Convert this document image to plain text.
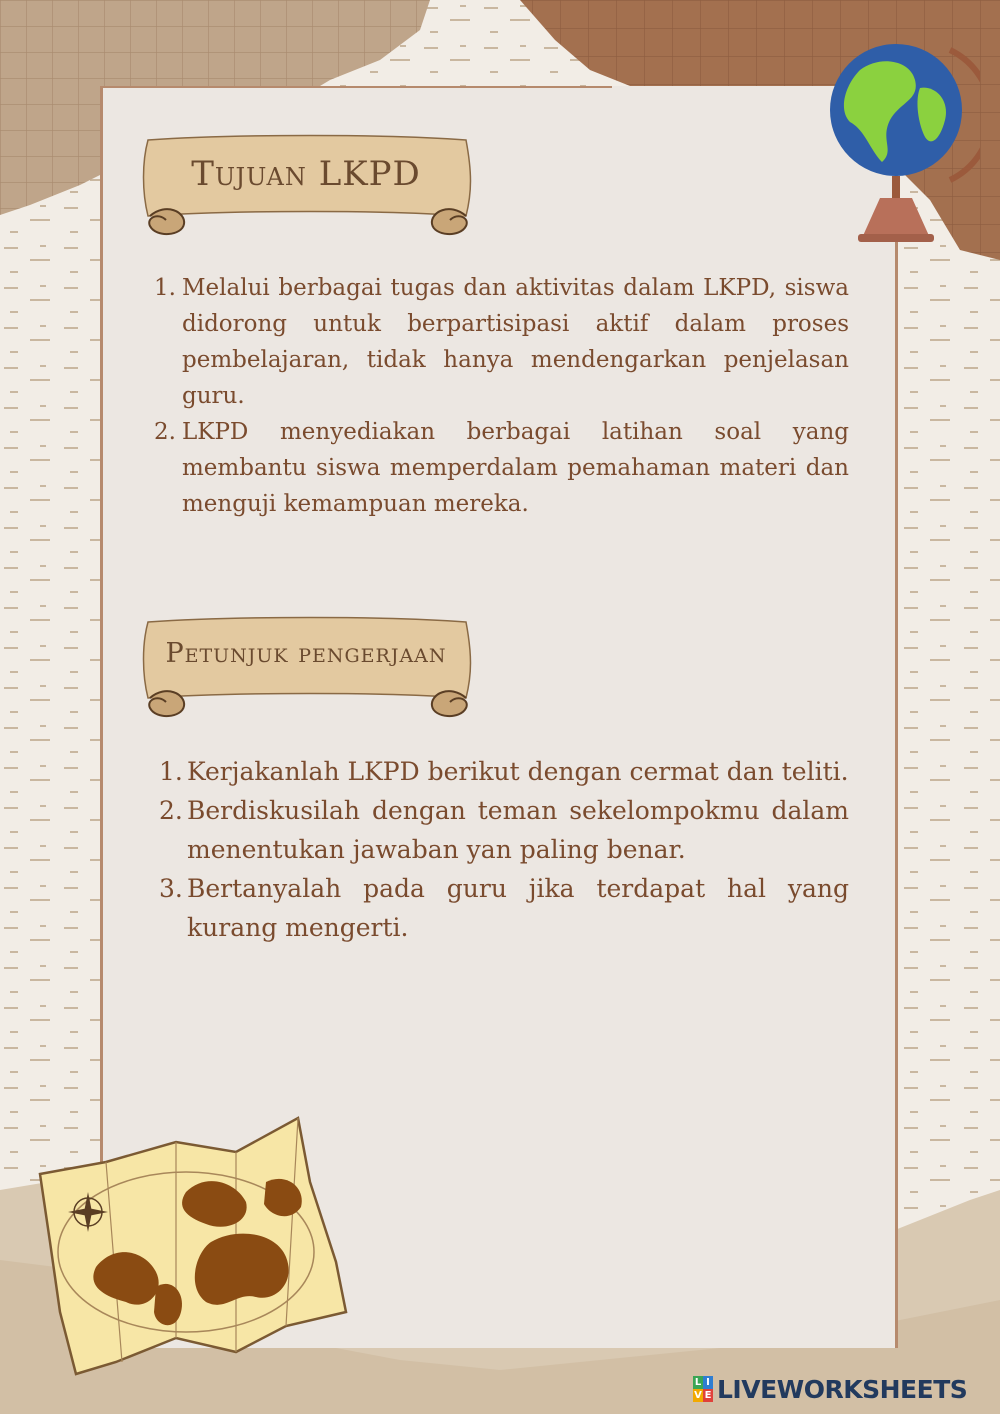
Tujuan LKPD
1. Melalui berbagai tugas dan aktivitas dalam LKPD, siswa didorong untuk berpartisipasi aktif dalam proses pembelajaran, tidak hanya mendengarkan penjelasan guru.
2. LKPD menyediakan berbagai latihan soal yang membantu siswa memperdalam pemahaman materi dan menguji kemampuan mereka.
Petunjuk pengerjaan
1. Kerjakanlah LKPD berikut dengan cermat dan teliti.
2. Berdiskusilah dengan teman sekelompokmu dalam menentukan jawaban yan paling benar.
3. Bertanyalah pada guru jika terdapat hal yang kurang mengerti.
L I
V E LIVEWORKSHEETS
